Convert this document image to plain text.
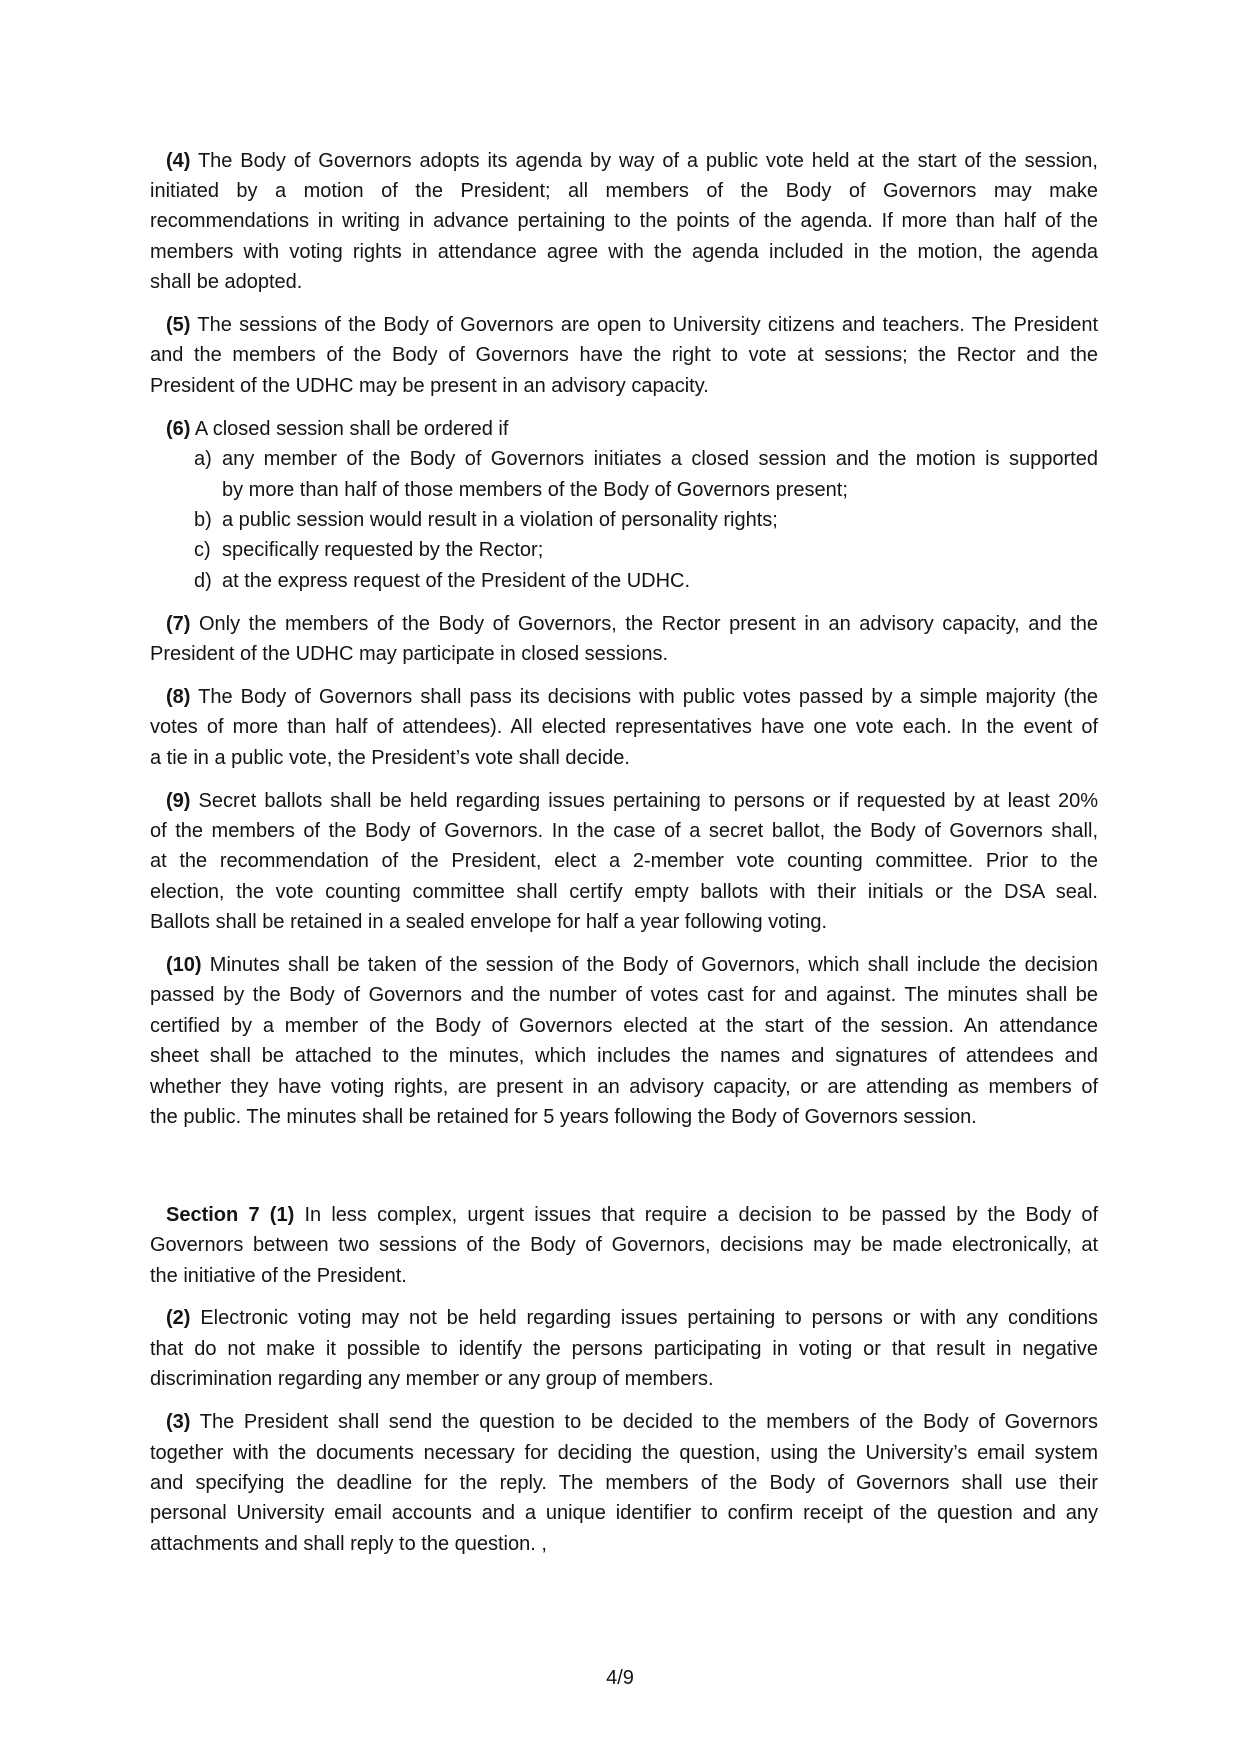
(4) The Body of Governors adopts its agenda by way of a public vote held at the start of the session,
initiated by a motion of the President; all members of the Body of Governors may make
recommendations in writing in advance pertaining to the points of the agenda. If more than half of the
members with voting rights in attendance agree with the agenda included in the motion, the agenda
shall be adopted.
(5) The sessions of the Body of Governors are open to University citizens and teachers. The President
and the members of the Body of Governors have the right to vote at sessions; the Rector and the
President of the UDHC may be present in an advisory capacity.
(6) A closed session shall be ordered if
a) any member of the Body of Governors initiates a closed session and the motion is supported
by more than half of those members of the Body of Governors present;
b) a public session would result in a violation of personality rights;
c) specifically requested by the Rector;
d) at the express request of the President of the UDHC.
(7) Only the members of the Body of Governors, the Rector present in an advisory capacity, and the
President of the UDHC may participate in closed sessions.
(8) The Body of Governors shall pass its decisions with public votes passed by a simple majority (the
votes of more than half of attendees). All elected representatives have one vote each. In the event of
a tie in a public vote, the President’s vote shall decide.
(9) Secret ballots shall be held regarding issues pertaining to persons or if requested by at least 20%
of the members of the Body of Governors. In the case of a secret ballot, the Body of Governors shall,
at the recommendation of the President, elect a 2-member vote counting committee. Prior to the
election, the vote counting committee shall certify empty ballots with their initials or the DSA seal.
Ballots shall be retained in a sealed envelope for half a year following voting.
(10) Minutes shall be taken of the session of the Body of Governors, which shall include the decision
passed by the Body of Governors and the number of votes cast for and against. The minutes shall be
certified by a member of the Body of Governors elected at the start of the session. An attendance
sheet shall be attached to the minutes, which includes the names and signatures of attendees and
whether they have voting rights, are present in an advisory capacity, or are attending as members of
the public. The minutes shall be retained for 5 years following the Body of Governors session.
Section 7 (1) In less complex, urgent issues that require a decision to be passed by the Body of
Governors between two sessions of the Body of Governors, decisions may be made electronically, at
the initiative of the President.
(2) Electronic voting may not be held regarding issues pertaining to persons or with any conditions
that do not make it possible to identify the persons participating in voting or that result in negative
discrimination regarding any member or any group of members.
(3) The President shall send the question to be decided to the members of the Body of Governors
together with the documents necessary for deciding the question, using the University’s email system
and specifying the deadline for the reply. The members of the Body of Governors shall use their
personal University email accounts and a unique identifier to confirm receipt of the question and any
attachments and shall reply to the question. ,
4/9
